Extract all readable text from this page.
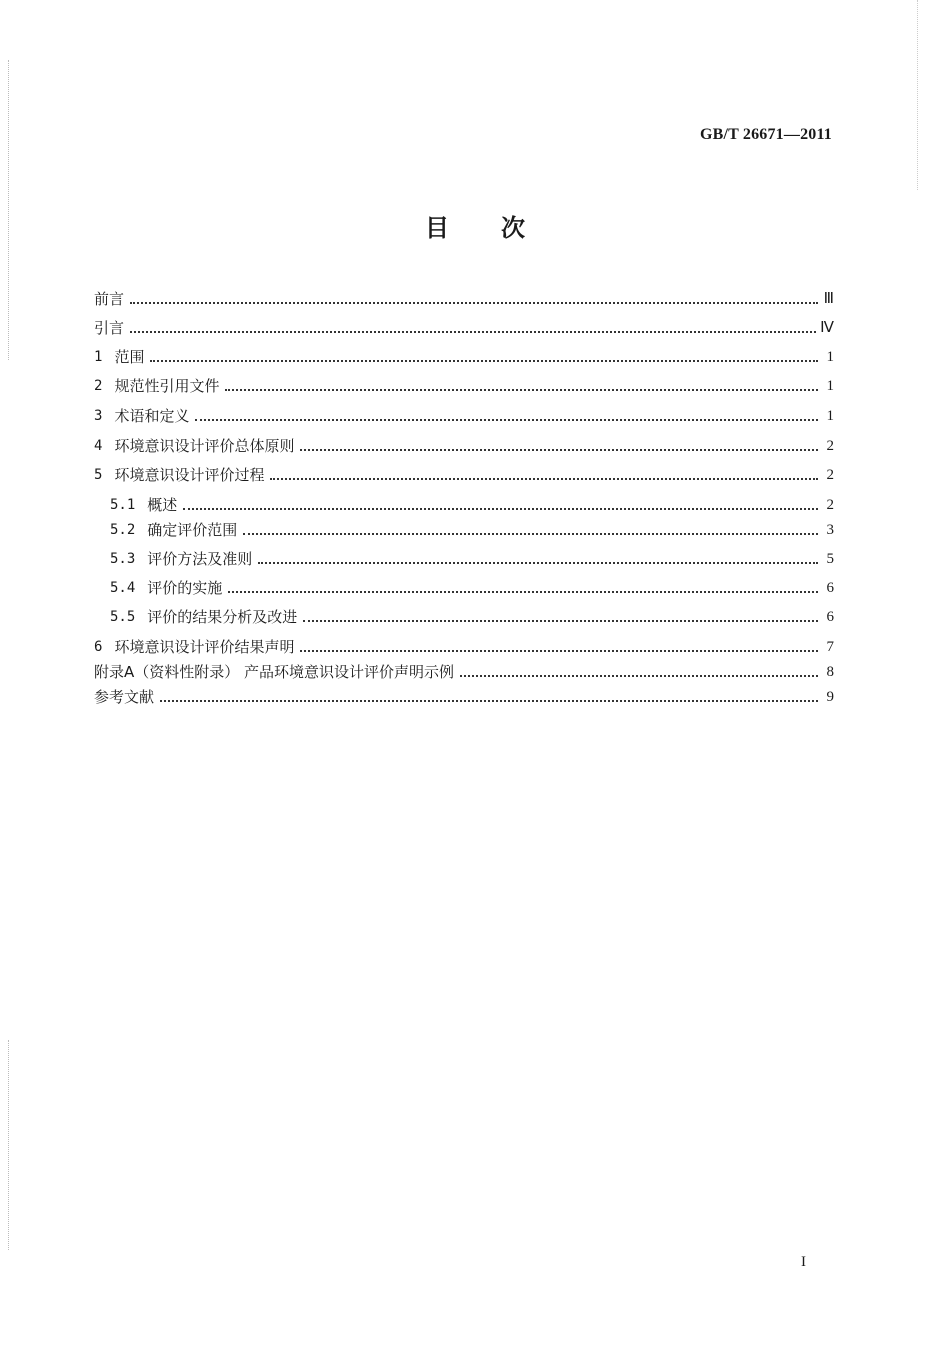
GB/T 26671—2011
目次
前言	Ⅲ
引言	Ⅳ
1 范围	1
2 规范性引用文件	1
3 术语和定义	1
4 环境意识设计评价总体原则	2
5 环境意识设计评价过程	2
5.1 概述	2
5.2 确定评价范围	3
5.3 评价方法及准则	5
5.4 评价的实施	6
5.5 评价的结果分析及改进	6
6 环境意识设计评价结果声明	7
附录A（资料性附录） 产品环境意识设计评价声明示例	8
参考文献	9
I
